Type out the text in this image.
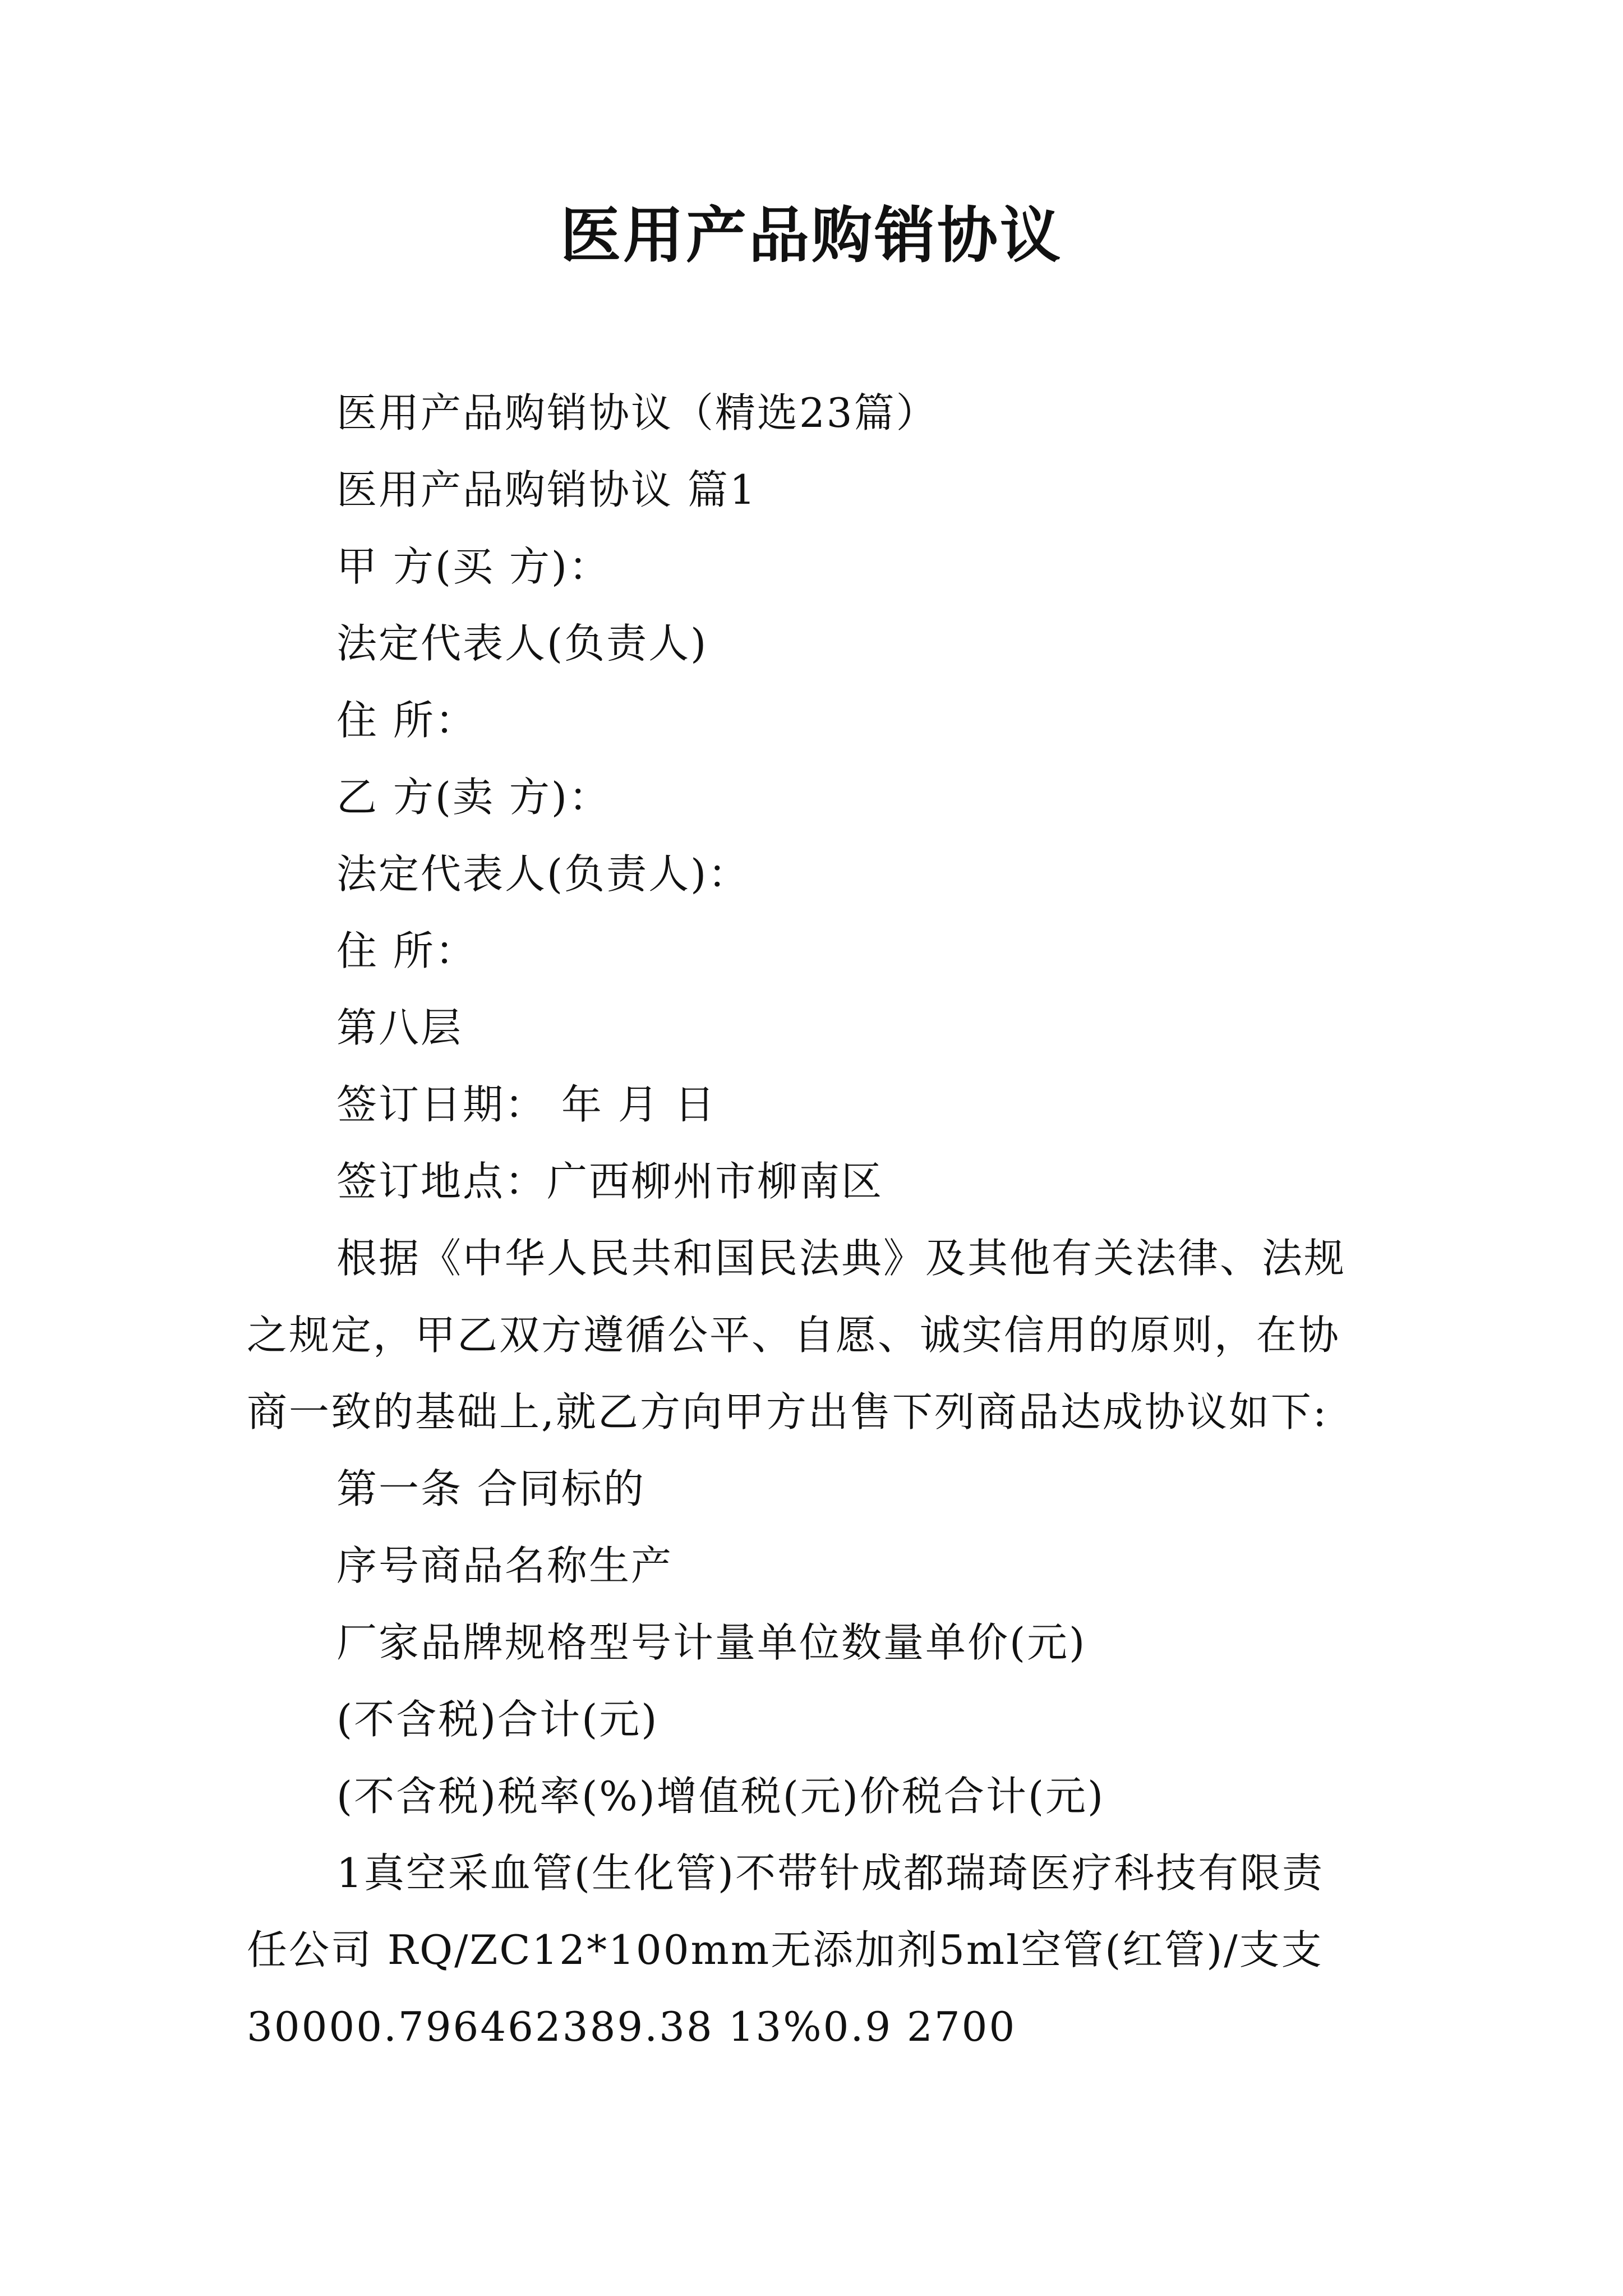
医用产品购销协议
医用产品购销协议（精选23篇）
医用产品购销协议 篇1
甲 方(买 方)：
法定代表人(负责人)
住 所：
乙 方(卖 方)：
法定代表人(负责人)：
住 所：
第八层
签订日期： 年 月 日
签订地点：广西柳州市柳南区
根据《中华人民共和国民法典》及其他有关法律、法规
之规定，甲乙双方遵循公平、自愿、诚实信用的原则，在协
商一致的基础上,就乙方向甲方出售下列商品达成协议如下:
第一条 合同标的
序号商品名称生产
厂家品牌规格型号计量单位数量单价(元)
(不含税)合计(元)
(不含税)税率(%)增值税(元)价税合计(元)
1真空采血管(生化管)不带针成都瑞琦医疗科技有限责
任公司 RQ/ZC12*100mm无添加剂5ml空管(红管)/支支
30000.796462389.38 13%0.9 2700
